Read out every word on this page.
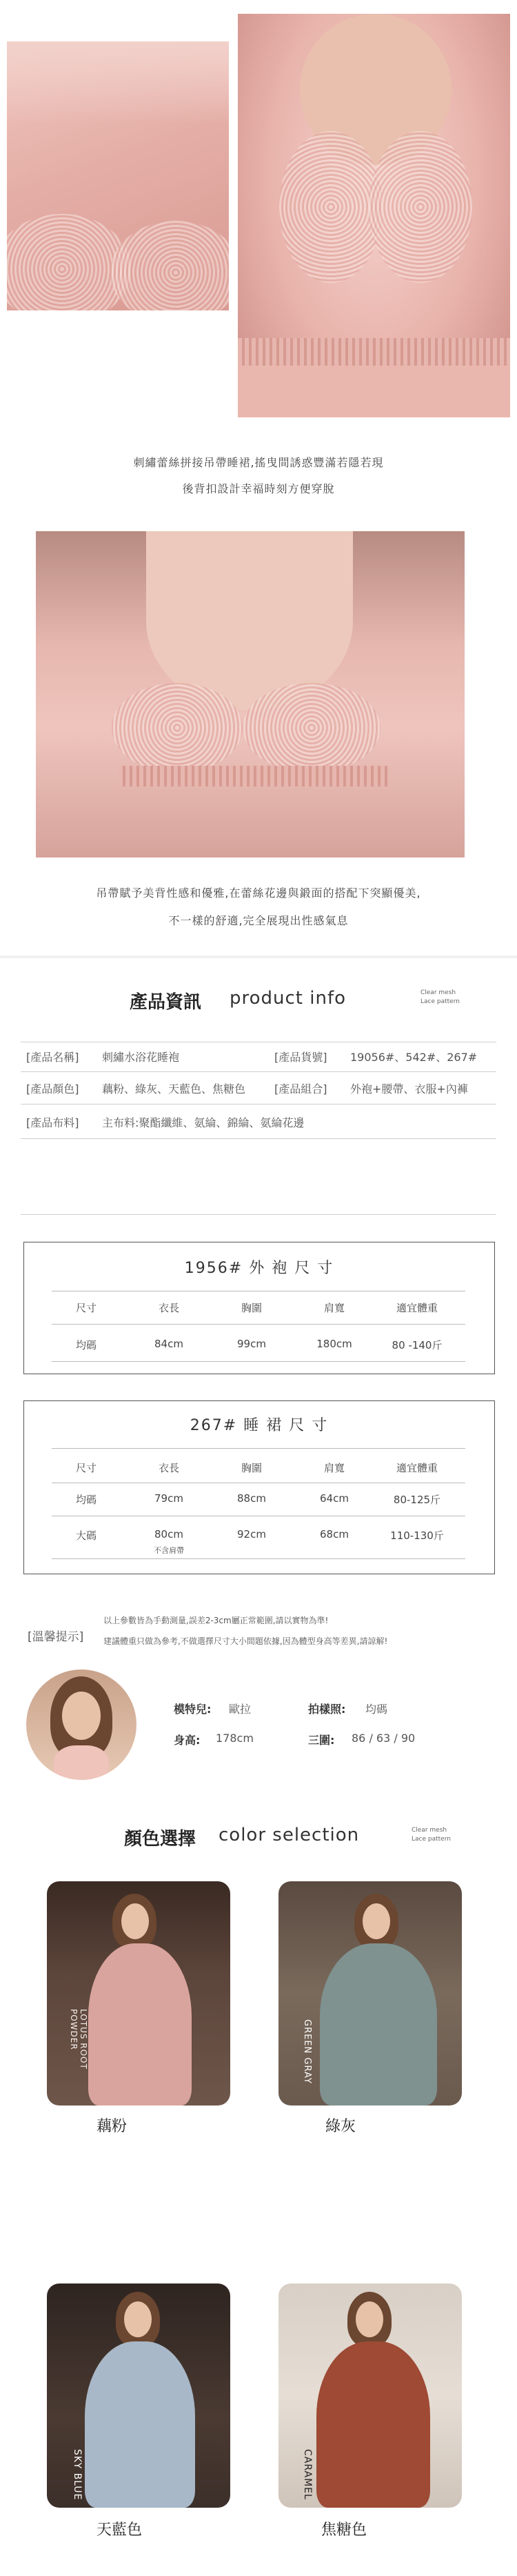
刺繡蕾絲拼接吊帶睡裙,搖曳間誘惑豐滿若隱若現
後背扣設計幸福時刻方便穿脫
吊帶賦予美背性感和優雅,在蕾絲花邊與鍛面的搭配下突顯優美,
不一樣的舒適,完全展現出性感氣息
產品資訊 product info	Clear mesh
Lace pattern
[產品名稱] 刺繡水浴花睡袍	[產品貨號] 19056#、542#、267#
[產品顏色] 藕粉、綠灰、天藍色、焦糖色	[產品組合] 外袍+腰帶、衣服+內褲
[產品布料] 主布料:聚酯纖維、氨綸、錦綸、氨綸花邊
1956# 外 袍 尺 寸
尺寸	衣長	胸圍	肩寬	適宜體重
均碼	84cm	99cm	180cm	80 -140斤
267# 睡 裙 尺 寸
尺寸	衣長	胸圍	肩寬	適宜體重
均碼	79cm	88cm	64cm	80-125斤
大碼	80cm	92cm	68cm	110-130斤
不含肩帶
[溫馨提示]
以上參數皆為手動測量,誤差2-3cm屬正常範圍,請以實物為準!
建議體重只做為參考,不做選擇尺寸大小間題依據,因為體型身高等差異,請諒解!
模特兒: 歐拉	拍樣照: 均碼
身高: 178cm	三圍: 86 / 63 / 90
顏色選擇 color selection	Clear mesh
Lace pattern
LOTUS ROOT POWDER
藕粉
GREEN GRAY
綠灰
SKY BLUE
天藍色
CARAMEL
焦糖色
